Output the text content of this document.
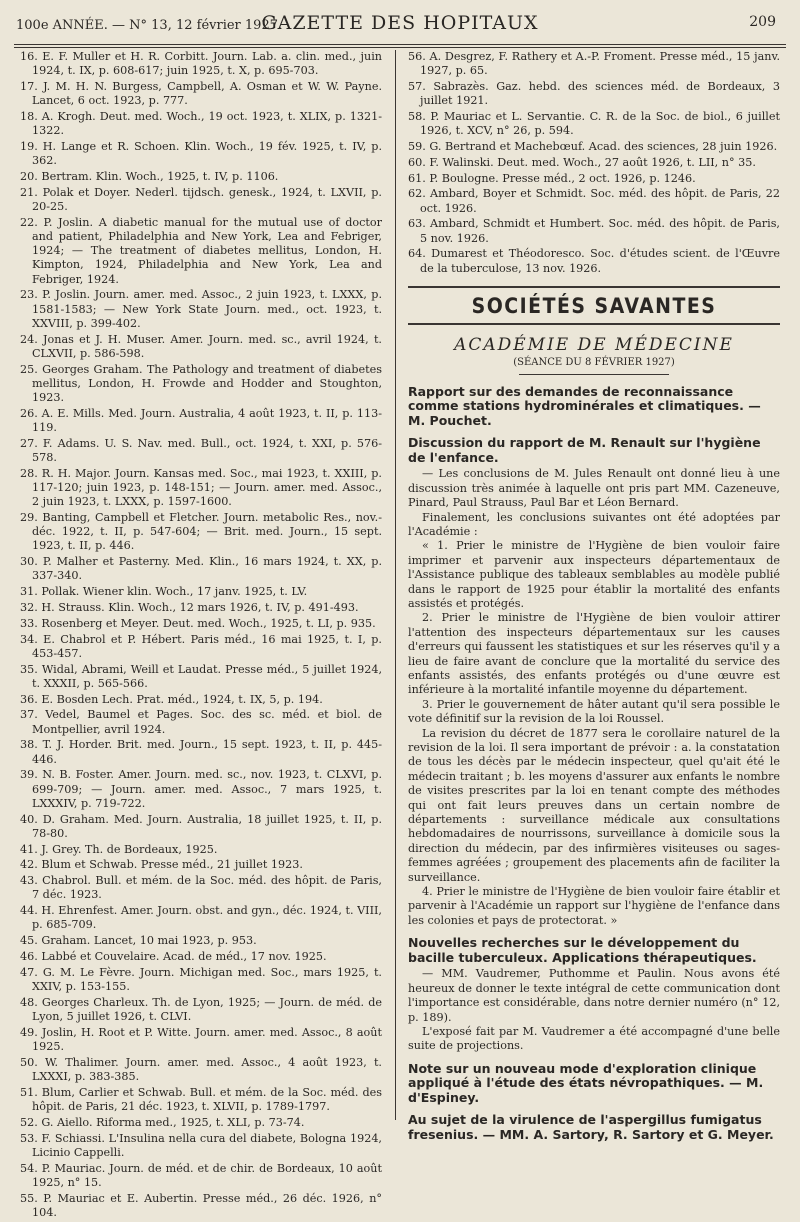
100e ANNÉE. — N° 13, 12 février 1927.
GAZETTE DES HOPITAUX	209

16. E. F. Muller et H. R. Corbitt. Journ. Lab. a. clin. med., juin 1924, t. IX, p. 608-617; juin 1925, t. X, p. 695-703.

17. J. M. H. N. Burgess, Campbell, A. Osman et W. W. Payne. Lancet, 6 oct. 1923, p. 777.

18. A. Krogh. Deut. med. Woch., 19 oct. 1923, t. XLIX, p. 1321-1322.

19. H. Lange et R. Schoen. Klin. Woch., 19 fév. 1925, t. IV, p. 362.

20. Bertram. Klin. Woch., 1925, t. IV, p. 1106.

21. Polak et Doyer. Nederl. tijdsch. genesk., 1924, t. LXVII, p. 20-25.

22. P. Joslin. A diabetic manual for the mutual use of doctor and patient, Philadelphia and New York, Lea and Febriger, 1924; — The treatment of diabetes mellitus, London, H. Kimpton, 1924, Philadelphia and New York, Lea and Febriger, 1924.

23. P. Joslin. Journ. amer. med. Assoc., 2 juin 1923, t. LXXX, p. 1581-1583; — New York State Journ. med., oct. 1923, t. XXVIII, p. 399-402.

24. Jonas et J. H. Muser. Amer. Journ. med. sc., avril 1924, t. CLXVII, p. 586-598.

25. Georges Graham. The Pathology and treatment of diabetes mellitus, London, H. Frowde and Hodder and Stoughton, 1923.

26. A. E. Mills. Med. Journ. Australia, 4 août 1923, t. II, p. 113-119.

27. F. Adams. U. S. Nav. med. Bull., oct. 1924, t. XXI, p. 576-578.

28. R. H. Major. Journ. Kansas med. Soc., mai 1923, t. XXIII, p. 117-120; juin 1923, p. 148-151; — Journ. amer. med. Assoc., 2 juin 1923, t. LXXX, p. 1597-1600.

29. Banting, Campbell et Fletcher. Journ. metabolic Res., nov.-déc. 1922, t. II, p. 547-604; — Brit. med. Journ., 15 sept. 1923, t. II, p. 446.

30. P. Malher et Pasterny. Med. Klin., 16 mars 1924, t. XX, p. 337-340.

31. Pollak. Wiener klin. Woch., 17 janv. 1925, t. LV.

32. H. Strauss. Klin. Woch., 12 mars 1926, t. IV, p. 491-493.

33. Rosenberg et Meyer. Deut. med. Woch., 1925, t. LI, p. 935.

34. E. Chabrol et P. Hébert. Paris méd., 16 mai 1925, t. I, p. 453-457.

35. Widal, Abrami, Weill et Laudat. Presse méd., 5 juillet 1924, t. XXXII, p. 565-566.

36. E. Bosden Lech. Prat. méd., 1924, t. IX, 5, p. 194.

37. Vedel, Baumel et Pages. Soc. des sc. méd. et biol. de Montpellier, avril 1924.

38. T. J. Horder. Brit. med. Journ., 15 sept. 1923, t. II, p. 445-446.

39. N. B. Foster. Amer. Journ. med. sc., nov. 1923, t. CLXVI, p. 699-709; — Journ. amer. med. Assoc., 7 mars 1925, t. LXXXIV, p. 719-722.

40. D. Graham. Med. Journ. Australia, 18 juillet 1925, t. II, p. 78-80.

41. J. Grey. Th. de Bordeaux, 1925.

42. Blum et Schwab. Presse méd., 21 juillet 1923.

43. Chabrol. Bull. et mém. de la Soc. méd. des hôpit. de Paris, 7 déc. 1923.

44. H. Ehrenfest. Amer. Journ. obst. and gyn., déc. 1924, t. VIII, p. 685-709.

45. Graham. Lancet, 10 mai 1923, p. 953.

46. Labbé et Couvelaire. Acad. de méd., 17 nov. 1925.

47. G. M. Le Fèvre. Journ. Michigan med. Soc., mars 1925, t. XXIV, p. 153-155.

48. Georges Charleux. Th. de Lyon, 1925; — Journ. de méd. de Lyon, 5 juillet 1926, t. CLVI.

49. Joslin, H. Root et P. Witte. Journ. amer. med. Assoc., 8 août 1925.

50. W. Thalimer. Journ. amer. med. Assoc., 4 août 1923, t. LXXXI, p. 383-385.

51. Blum, Carlier et Schwab. Bull. et mém. de la Soc. méd. des hôpit. de Paris, 21 déc. 1923, t. XLVII, p. 1789-1797.

52. G. Aiello. Riforma med., 1925, t. XLI, p. 73-74.

53. F. Schiassi. L'Insulina nella cura del diabete, Bologna 1924, Licinio Cappelli.

54. P. Mauriac. Journ. de méd. et de chir. de Bordeaux, 10 août 1925, n° 15.

55. P. Mauriac et E. Aubertin. Presse méd., 26 déc. 1926, n° 104.

56. A. Desgrez, F. Rathery et A.-P. Froment. Presse méd., 15 janv. 1927, p. 65.

57. Sabrazès. Gaz. hebd. des sciences méd. de Bordeaux, 3 juillet 1921.

58. P. Mauriac et L. Servantie. C. R. de la Soc. de biol., 6 juillet 1926, t. XCV, n° 26, p. 594.

59. G. Bertrand et Machebœuf. Acad. des sciences, 28 juin 1926.

60. F. Walinski. Deut. med. Woch., 27 août 1926, t. LII, n° 35.

61. P. Boulogne. Presse méd., 2 oct. 1926, p. 1246.

62. Ambard, Boyer et Schmidt. Soc. méd. des hôpit. de Paris, 22 oct. 1926.

63. Ambard, Schmidt et Humbert. Soc. méd. des hôpit. de Paris, 5 nov. 1926.

64. Dumarest et Théodoresco. Soc. d'études scient. de l'Œuvre de la tuberculose, 13 nov. 1926.

SOCIÉTÉS SAVANTES
ACADÉMIE DE MÉDECINE
(SÉANCE DU 8 FÉVRIER 1927)
Rapport sur des demandes de reconnaissance comme stations hydrominérales et climatiques. — M. Pouchet.
Discussion du rapport de M. Renault sur l'hygiène de l'enfance.

— Les conclusions de M. Jules Renault ont donné lieu à une discussion très animée à laquelle ont pris part MM. Cazeneuve, Pinard, Paul Strauss, Paul Bar et Léon Bernard.

Finalement, les conclusions suivantes ont été adoptées par l'Académie :

« 1. Prier le ministre de l'Hygiène de bien vouloir faire imprimer et parvenir aux inspecteurs départementaux de l'Assistance publique des tableaux semblables au modèle publié dans le rapport de 1925 pour établir la mortalité des enfants assistés et protégés.

2. Prier le ministre de l'Hygiène de bien vouloir attirer l'attention des inspecteurs départementaux sur les causes d'erreurs qui faussent les statistiques et sur les réserves qu'il y a lieu de faire avant de conclure que la mortalité du service des enfants assistés, des enfants protégés ou d'une œuvre est inférieure à la mortalité infantile moyenne du département.

3. Prier le gouvernement de hâter autant qu'il sera possible le vote définitif sur la revision de la loi Roussel.

La revision du décret de 1877 sera le corollaire naturel de la revision de la loi. Il sera important de prévoir : a. la constatation de tous les décès par le médecin inspecteur, quel qu'ait été le médecin traitant ; b. les moyens d'assurer aux enfants le nombre de visites prescrites par la loi en tenant compte des méthodes qui ont fait leurs preuves dans un certain nombre de départements : surveillance médicale aux consultations hebdomadaires de nourrissons, surveillance à domicile sous la direction du médecin, par des infirmières visiteuses ou sages-femmes agréées ; groupement des placements afin de faciliter la surveillance.

4. Prier le ministre de l'Hygiène de bien vouloir faire établir et parvenir à l'Académie un rapport sur l'hygiène de l'enfance dans les colonies et pays de protectorat. »

Nouvelles recherches sur le développement du bacille tuberculeux. Applications thérapeutiques.

— MM. Vaudremer, Puthomme et Paulin. Nous avons été heureux de donner le texte intégral de cette communication dont l'importance est considérable, dans notre dernier numéro (n° 12, p. 189).

L'exposé fait par M. Vaudremer a été accompagné d'une belle suite de projections.

Note sur un nouveau mode d'exploration clinique appliqué à l'étude des états névropathiques. — M. d'Espiney.
Au sujet de la virulence de l'aspergillus fumigatus fresenius. — MM. A. Sartory, R. Sartory et G. Meyer.
